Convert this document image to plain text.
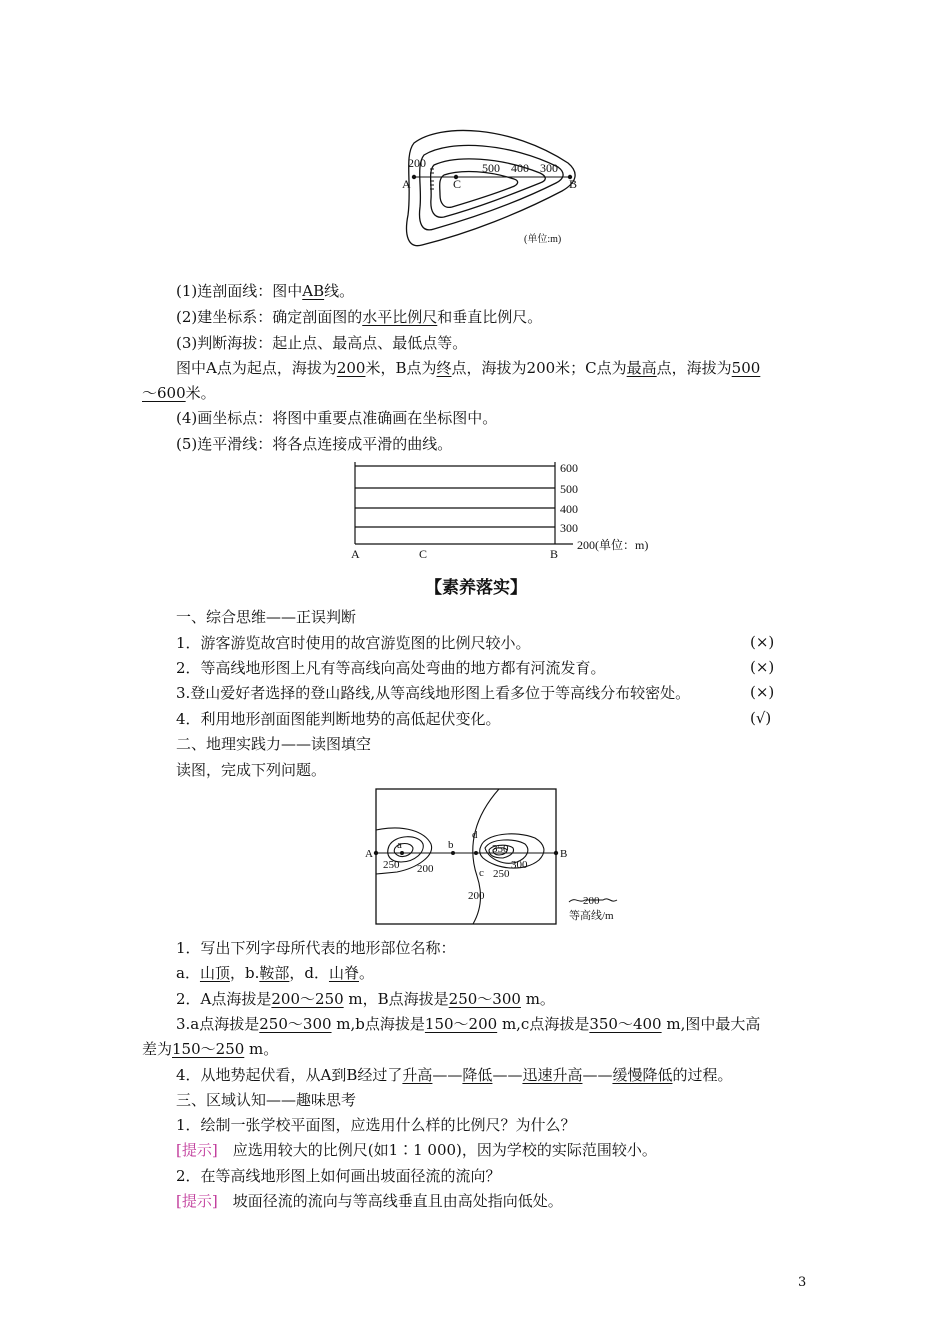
200	500 400 300
A	C	B
(单位:m)
(1)连剖面线：图中AB线。
(2)建坐标系：确定剖面图的水平比例尺和垂直比例尺。
(3)判断海拔：起止点、最高点、最低点等。
图中A点为起点，海拔为200米，B点为终点，海拔为200米；C点为最高点，海拔为500
～600米。
(4)画坐标点：将图中重要点准确画在坐标图中。
(5)连平滑线：将各点连接成平滑的曲线。
600
500
400
300
200(单位：m)
A	C	B
【素养落实】
一、综合思维——正误判断
1．游客游览故宫时使用的故宫游览图的比例尺较小。	(×)
2．等高线地形图上凡有等高线向高处弯曲的地方都有河流发育。	(×)
3.登山爱好者选择的登山路线,从等高线地形图上看多位于等高线分布较密处。	(×)
4．利用地形剖面图能判断地势的高低起伏变化。	(√)
二、地理实践力——读图填空
读图，完成下列问题。
a
250 200
b
d
350
300
250
c
200
A	B
200
等高线/m
1．写出下列字母所代表的地形部位名称：
a．山顶，b.鞍部，d．山脊。
2．A点海拔是200～250 m，B点海拔是250～300 m。
3.a点海拔是250～300 m,b点海拔是150～200 m,c点海拔是350～400 m,图中最大高
差为150～250 m。
4．从地势起伏看，从A到B经过了升高——降低——迅速升高——缓慢降低的过程。
三、区域认知——趣味思考
1．绘制一张学校平面图，应选用什么样的比例尺？为什么？
[提示]　应选用较大的比例尺(如1∶1 000)，因为学校的实际范围较小。
2．在等高线地形图上如何画出坡面径流的流向？
[提示]　坡面径流的流向与等高线垂直且由高处指向低处。
3
